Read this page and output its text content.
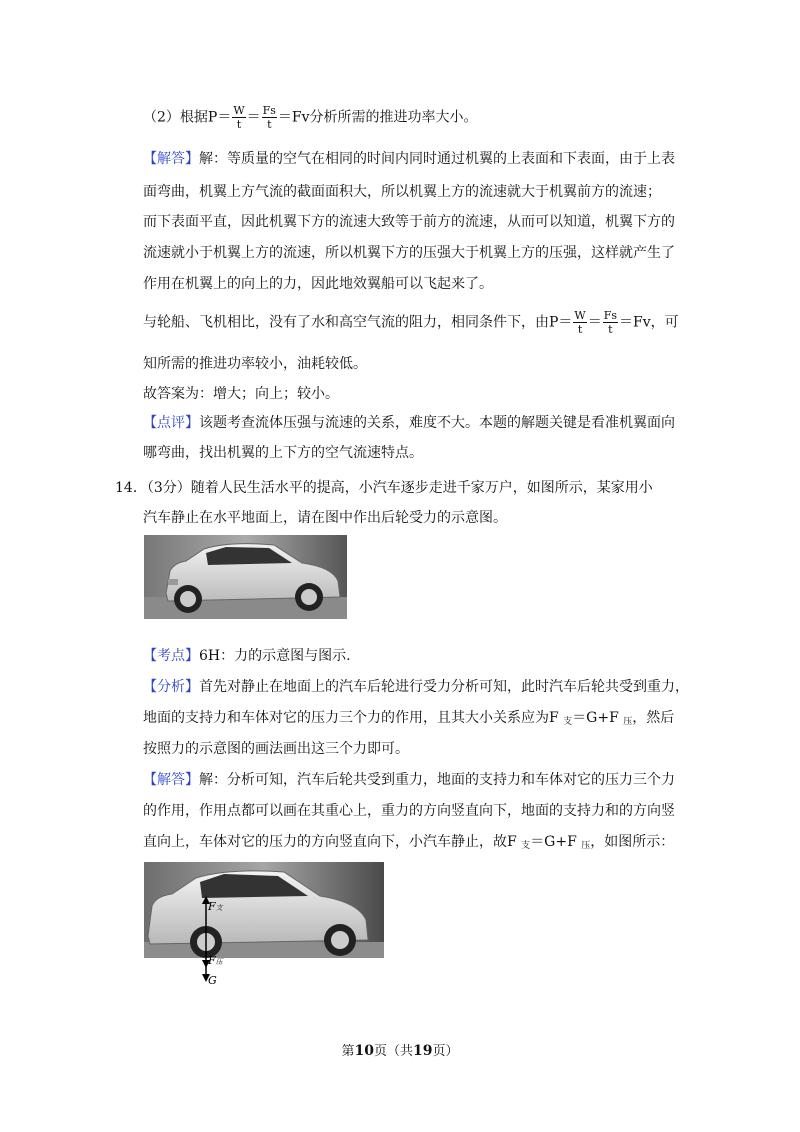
（2）根据$P= \frac{W}{t} = \frac{Fs}{t} =Fv$分析所需的推进功率大小。
【解答】解：等质量的空气在相同的时间内同时通过机翼的上表面和下表面，由于上表
面弯曲，机翼上方气流的截面面积大，所以机翼上方的流速就大于机翼前方的流速；
而下表面平直，因此机翼下方的流速大致等于前方的流速，从而可以知道，机翼下方的
流速就小于机翼上方的流速，所以机翼下方的压强大于机翼上方的压强，这样就产生了
作用在机翼上的向上的力，因此地效翼船可以飞起来了。
与轮船、飞机相比，没有了水和高空气流的阻力，相同条件下，由$P= \frac{W}{t} = \frac{Fs}{t} =Fv$，可
知所需的推进功率较小，油耗较低。
故答案为：增大；向上；较小。
【点评】该题考查流体压强与流速的关系，难度不大。本题的解题关键是看准机翼面向
哪弯曲，找出机翼的上下方的空气流速特点。
14．（3分）随着人民生活水平的提高，小汽车逐步走进千家万户，如图所示，某家用小
汽车静止在水平地面上，请在图中作出后轮受力的示意图。
【考点】6H：力的示意图与图示.
【分析】首先对静止在地面上的汽车后轮进行受力分析可知，此时汽车后轮共受到重力，
地面的支持力和车体对它的压力三个力的作用，且其大小关系应为F $_支$＝G+F $_压$，然后
按照力的示意图的画法画出这三个力即可。
【解答】解：分析可知，汽车后轮共受到重力，地面的支持力和车体对它的压力三个力
的作用，作用点都可以画在其重心上，重力的方向竖直向下，地面的支持力和的方向竖
直向上，车体对它的压力的方向竖直向下，小汽车静止，故F $_支$＝G+F $_压$，如图所示：
F支
F压
G
第10页（共19页）
